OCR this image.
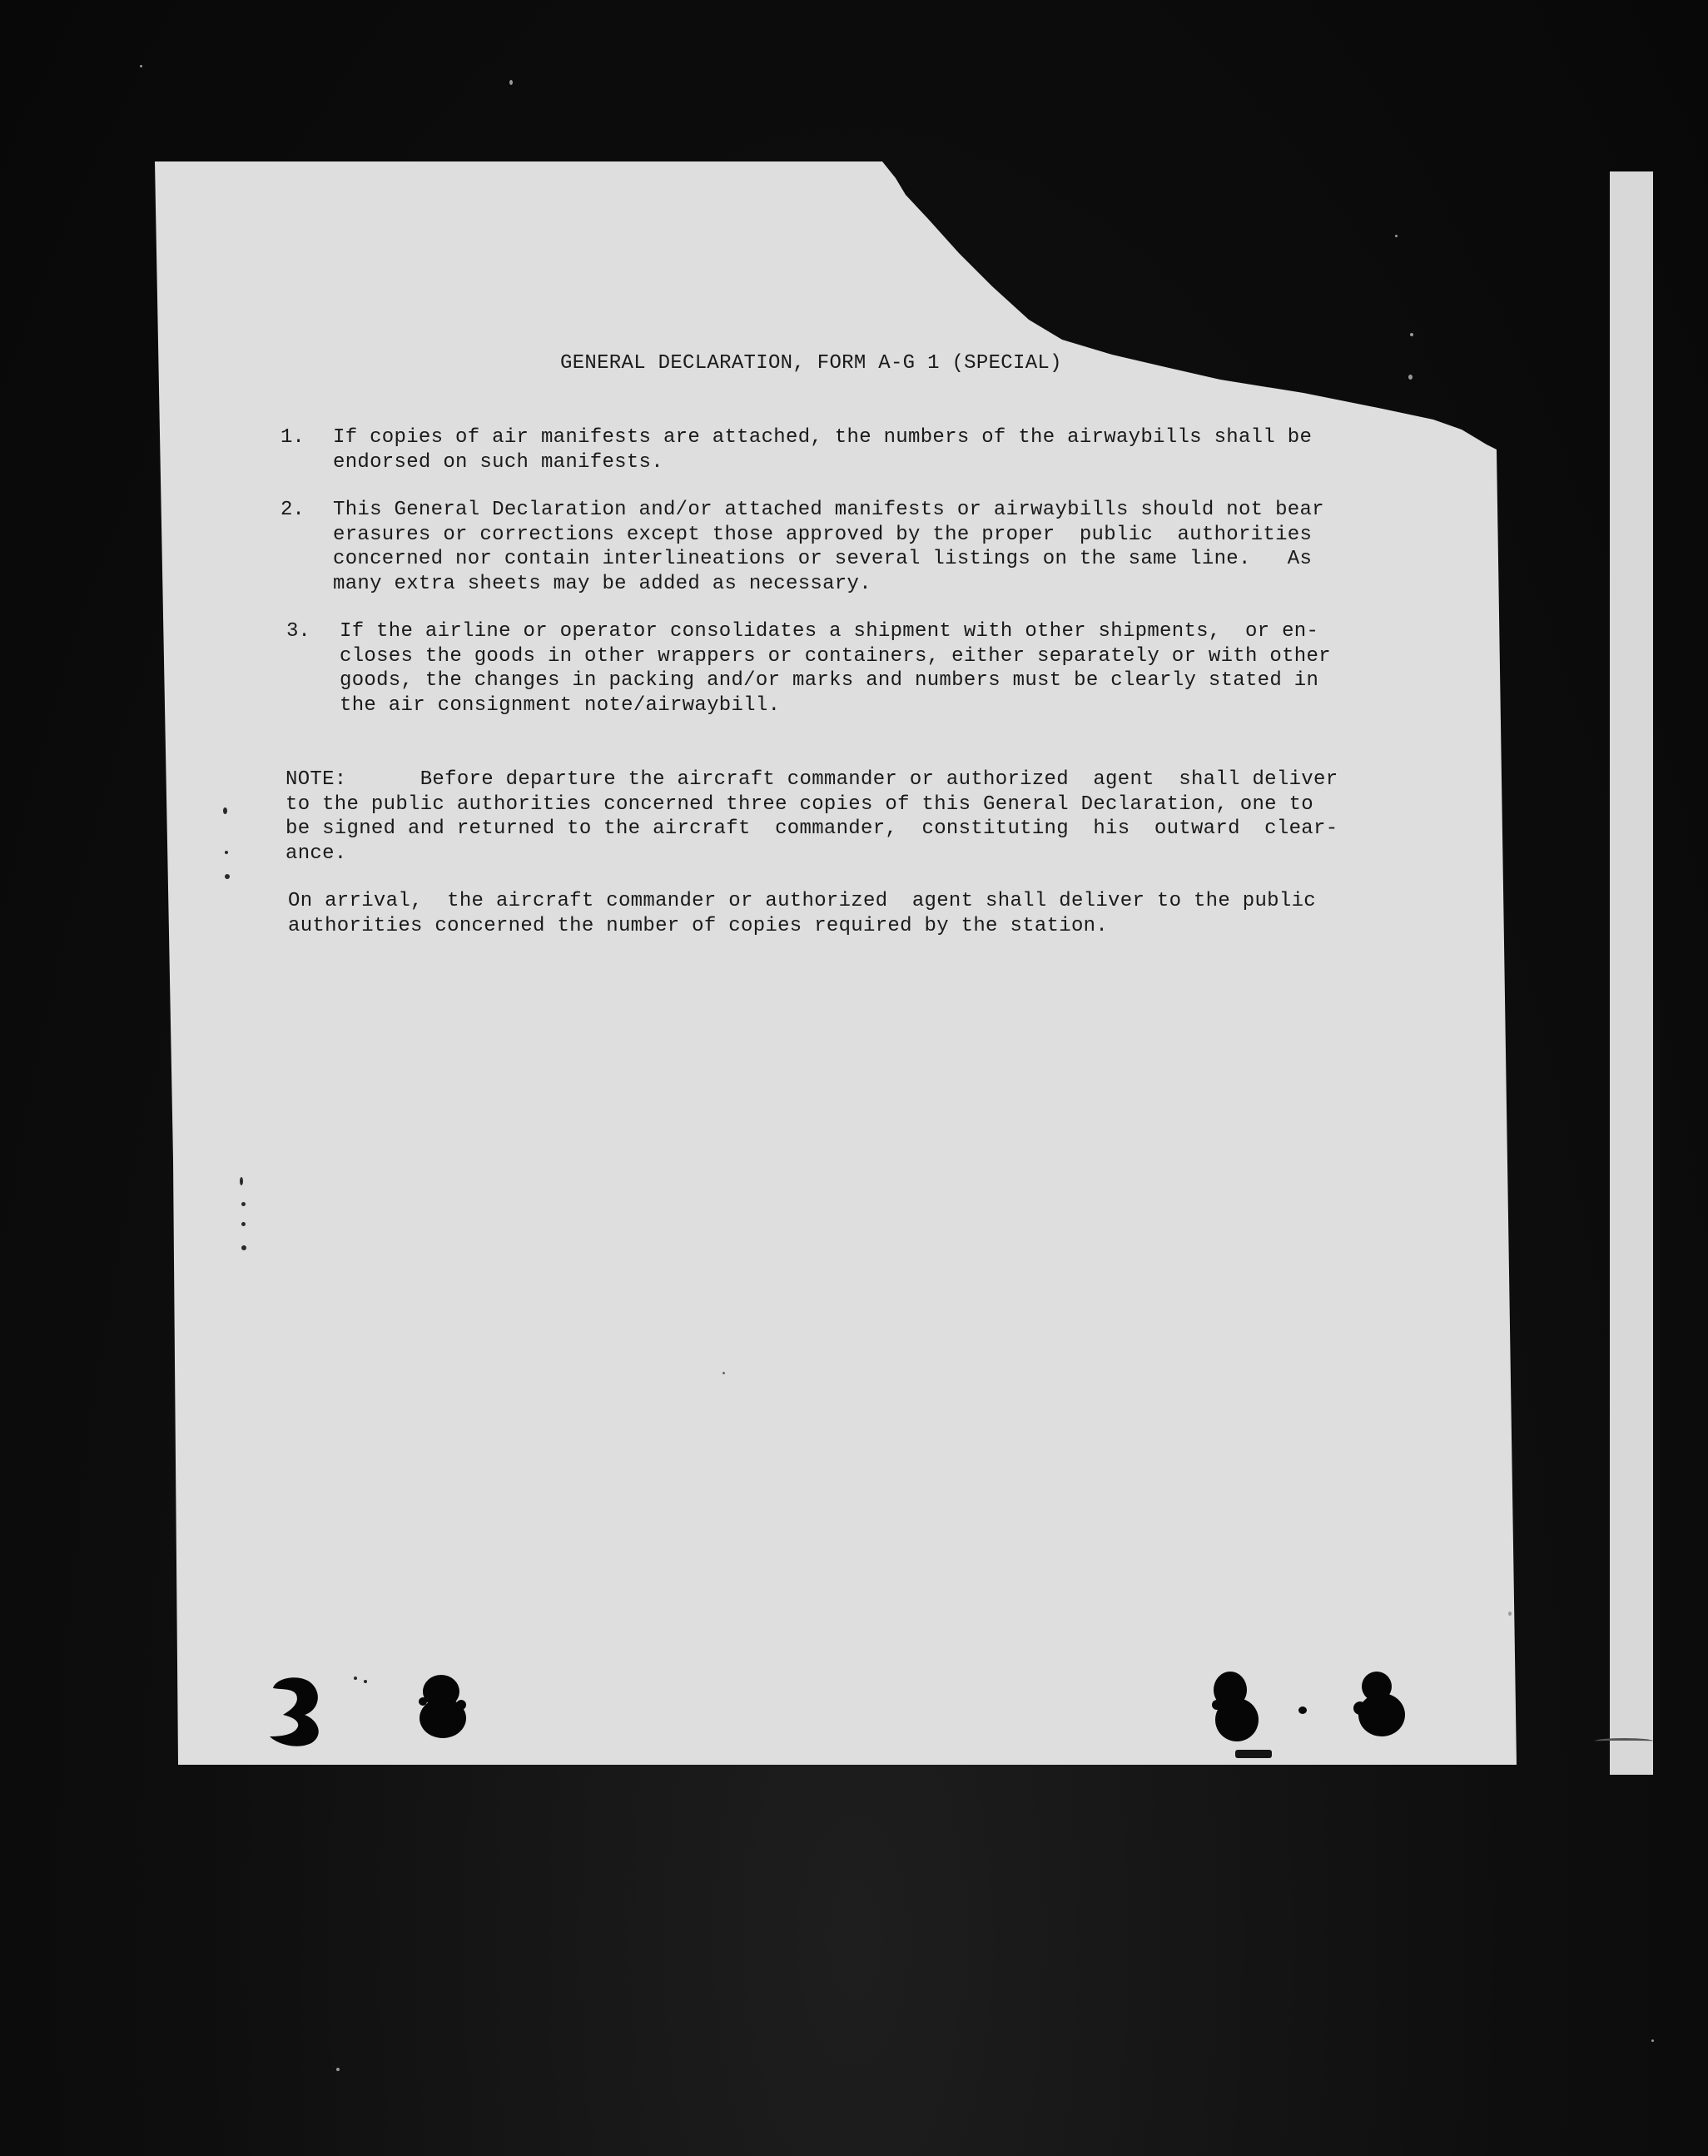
GENERAL DECLARATION, FORM A-G 1 (SPECIAL)

1. If copies of air manifests are attached, the numbers of the airwaybills shall be
endorsed on such manifests.

2. This General Declaration and/or attached manifests or airwaybills should not bear
erasures or corrections except those approved by the proper  public  authorities
concerned nor contain interlineations or several listings on the same line.   As
many extra sheets may be added as necessary.

3. If the airline or operator consolidates a shipment with other shipments,  or en-
closes the goods in other wrappers or containers, either separately or with other
goods, the changes in packing and/or marks and numbers must be clearly stated in
the air consignment note/airwaybill.

NOTE:      Before departure the aircraft commander or authorized  agent  shall deliver
to the public authorities concerned three copies of this General Declaration, one to
be signed and returned to the aircraft  commander,  constituting  his  outward  clear-
ance.

On arrival,  the aircraft commander or authorized  agent shall deliver to the public
authorities concerned the number of copies required by the station.
